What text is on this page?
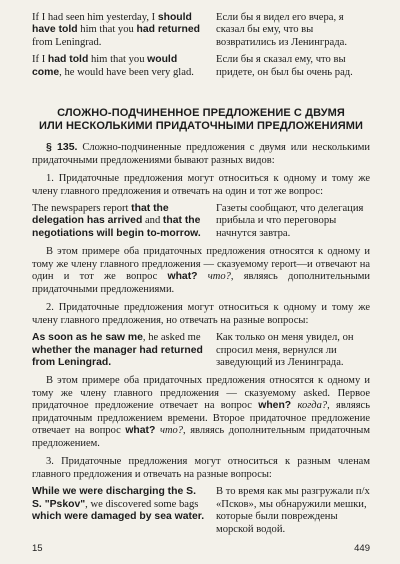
If I had seen him yesterday, I should have told him that you had returned from Leningrad.
Если бы я видел его вчера, я сказал бы ему, что вы возвратились из Ленинграда.
If I had told him that you would come, he would have been very glad.
Если бы я сказал ему, что вы придете, он был бы очень рад.
СЛОЖНО-ПОДЧИНЕННОЕ ПРЕДЛОЖЕНИЕ С ДВУМЯ
ИЛИ НЕСКОЛЬКИМИ ПРИДАТОЧНЫМИ ПРЕДЛОЖЕНИЯМИ

§ 135. Сложно-подчиненные предложения с двумя или несколькими придаточными предложениями бывают разных видов:

1. Придаточные предложения могут относиться к одному и тому же члену главного предложения и отвечать на один и тот же вопрос:

The newspapers report that the delegation has arrived and that the negotiations will begin to-morrow.
Газеты сообщают, что делегация прибыла и что переговоры начнутся завтра.

В этом примере оба придаточных предложения относятся к одному и тому же члену главного предложения — сказуемому report—и отвечают на один и тот же вопрос what? что?, являясь дополнительными придаточными предложениями.

2. Придаточные предложения могут относиться к одному и тому же члену главного предложения, но отвечать на разные вопросы:

As soon as he saw me, he asked me whether the manager had returned from Leningrad.
Как только он меня увидел, он спросил меня, вернулся ли заведующий из Ленинграда.

В этом примере оба придаточных предложения относятся к одному и тому же члену главного предложения — сказуемому asked. Первое придаточное предложение отвечает на вопрос when? когда?, являясь придаточным предложением времени. Второе придаточное предложение отвечает на вопрос what? что?, являясь дополнительным придаточным предложением.

3. Придаточные предложения могут относиться к разным членам главного предложения и отвечать на разные вопросы:

While we were discharging the S. S. "Pskov", we discovered some bags which were damaged by sea water.
В то время как мы разгружали п/х «Псков», мы обнаружили мешки, которые были повреждены морской водой.
15	449
